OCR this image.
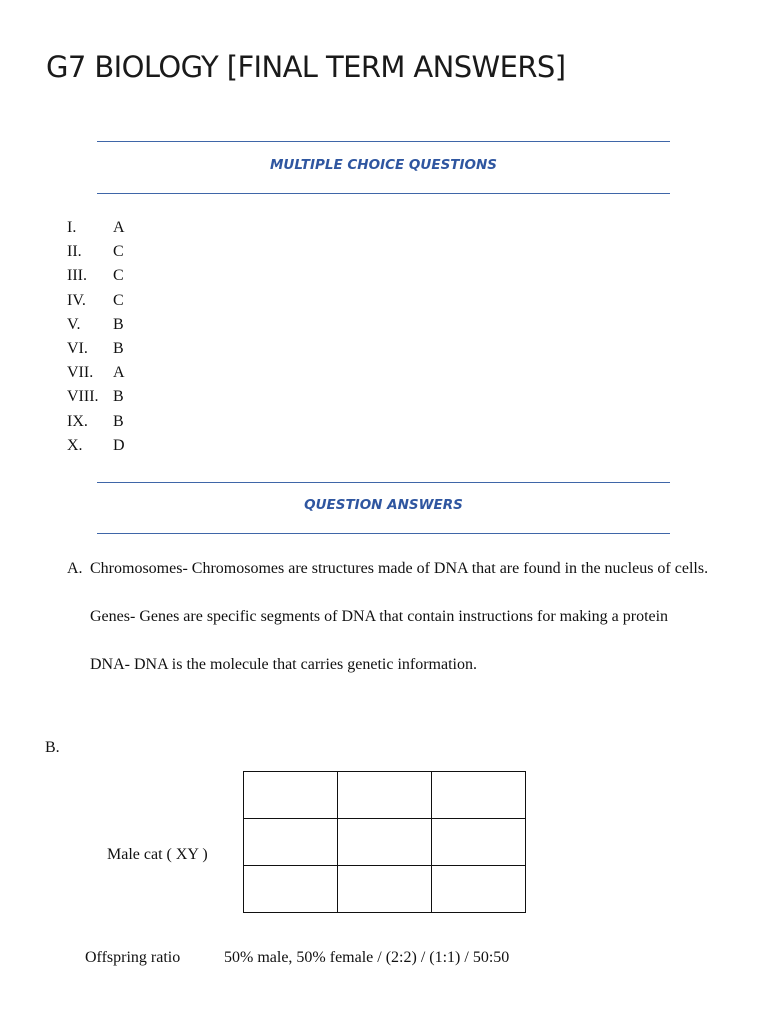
G7 BIOLOGY [FINAL TERM ANSWERS]
MULTIPLE CHOICE QUESTIONS
I. A
II. C
III. C
IV. C
V. B
VI. B
VII. A
VIII. B
IX. B
X. D
QUESTION ANSWERS
A. Chromosomes- Chromosomes are structures made of DNA that are found in the nucleus of cells.

Genes- Genes are specific segments of DNA that contain instructions for making a protein

DNA- DNA is the molecule that carries genetic information.

B.
Male cat ( XY )

Offspring ratio	50% male, 50% female / (2:2) / (1:1) / 50:50
